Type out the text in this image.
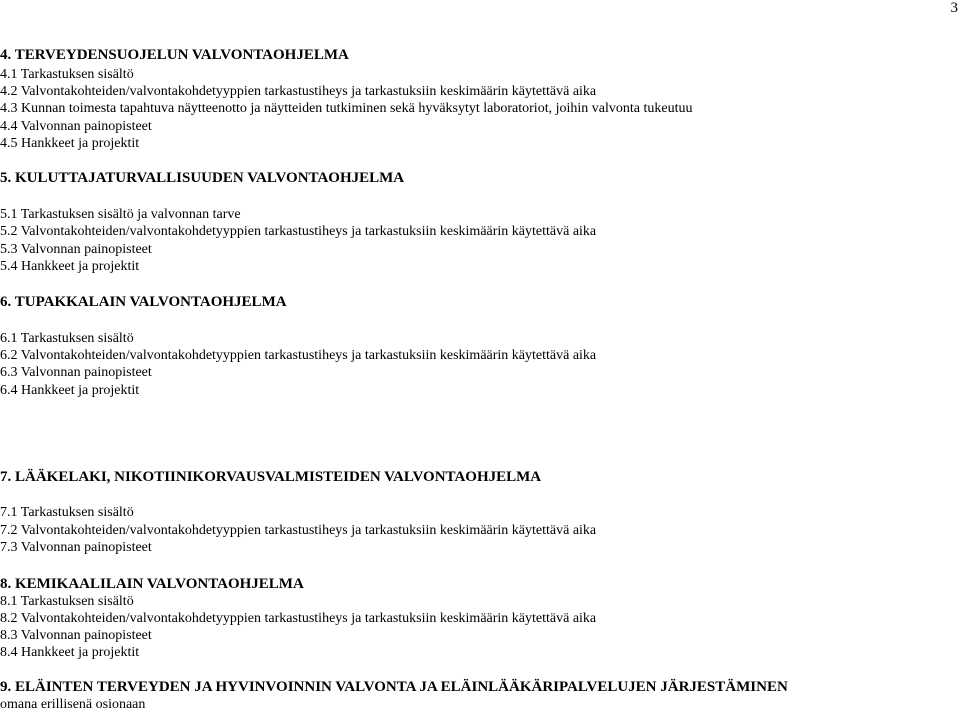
3
4. TERVEYDENSUOJELUN VALVONTAOHJELMA
4.1 Tarkastuksen sisältö
4.2 Valvontakohteiden/valvontakohdetyyppien tarkastustiheys ja tarkastuksiin keskimäärin käytettävä aika
4.3 Kunnan toimesta tapahtuva näytteenotto ja näytteiden tutkiminen sekä hyväksytyt laboratoriot, joihin valvonta tukeutuu
4.4 Valvonnan painopisteet
4.5 Hankkeet ja projektit
5. KULUTTAJATURVALLISUUDEN VALVONTAOHJELMA
5.1 Tarkastuksen sisältö ja valvonnan tarve
5.2 Valvontakohteiden/valvontakohdetyyppien tarkastustiheys ja tarkastuksiin keskimäärin käytettävä aika
5.3 Valvonnan painopisteet
5.4 Hankkeet ja projektit
6. TUPAKKALAIN VALVONTAOHJELMA
6.1 Tarkastuksen sisältö
6.2 Valvontakohteiden/valvontakohdetyyppien tarkastustiheys ja tarkastuksiin keskimäärin käytettävä aika
6.3 Valvonnan painopisteet
6.4 Hankkeet ja projektit
7. LÄÄKELAKI, NIKOTIINIKORVAUSVALMISTEIDEN VALVONTAOHJELMA
7.1 Tarkastuksen sisältö
7.2 Valvontakohteiden/valvontakohdetyyppien tarkastustiheys ja tarkastuksiin keskimäärin käytettävä aika
7.3 Valvonnan painopisteet
8. KEMIKAALILAIN VALVONTAOHJELMA
8.1 Tarkastuksen sisältö
8.2 Valvontakohteiden/valvontakohdetyyppien tarkastustiheys ja tarkastuksiin keskimäärin käytettävä aika
8.3 Valvonnan painopisteet
8.4 Hankkeet ja projektit
9. ELÄINTEN TERVEYDEN JA HYVINVOINNIN VALVONTA JA ELÄINLÄÄKÄRIPALVELUJEN JÄRJESTÄMINEN
omana erillisenä osionaan
